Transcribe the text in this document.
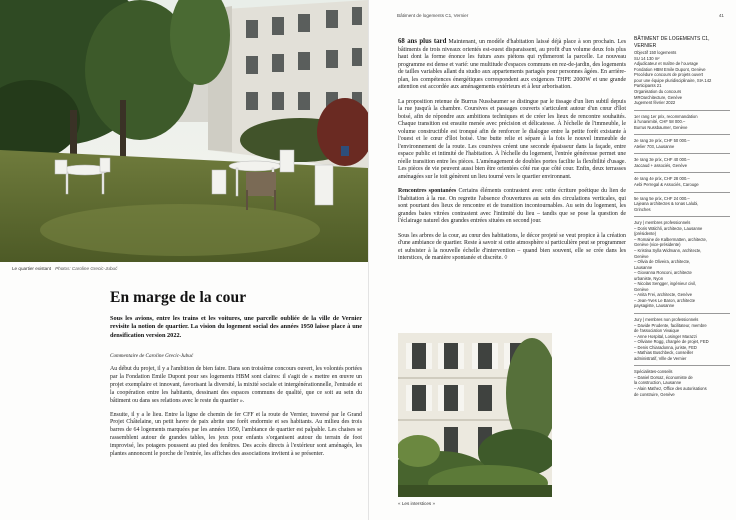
Le quartier existant Photos: Caroline Grecic-Jubuć
En marge de la cour

Sous les avions, entre les trains et les voitures, une parcelle oubliée de la ville de Vernier revisite la notion de quartier. La vision du logement social des années 1950 laisse place à une densification version 2022.

Commentaire de Caroline Grecic-Jubuć

Au début du projet, il y a l'ambition de bien faire. Dans son troisième concours ouvert, les volontés portées par la Fondation Emile Dupont pour ses logements HBM sont claires: il s'agit de « mettre en œuvre un projet exemplaire et innovant, favorisant la diversité, la mixité sociale et intergénérationnelle, l'entraide et la coopération entre les habitants, dessinant des espaces communs de qualité, que ce soit au sein du bâtiment ou dans ses relations avec le reste du quartier ».

Ensuite, il y a le lieu. Entre la ligne de chemin de fer CFF et la route de Vernier, traversé par le Grand Projet Châtelaine, un petit havre de paix abrite une forêt endormie et ses habitants. Au milieu des trois barres de 64 logements marquées par les années 1950, l'ambiance de quartier est palpable. Les chaises se rassemblent autour de grandes tables, les jeux pour enfants s'organisent autour du terrain de foot improvisé, les potagers poussent au pied des fenêtres. Des accès directs à l'extérieur sont aménagés, les plantes annoncent le porche de l'entrée, les affiches des associations invitent à se présenter.

Bâtiment de logements C1, Vernier	41

68 ans plus tard Maintenant, un modèle d'habitation laissé déjà place à son prochain. Les bâtiments de trois niveaux orientés est-ouest disparaissent, au profit d'un volume deux fois plus haut dont la forme énonce les futurs axes piétons qui rythmeront la parcelle. Le nouveau programme est dense et varié: une multitude d'espaces communs en rez-de-jardin, des logements de tailles variables allant du studio aux appartements partagés pour personnes âgées. En arrière-plan, les compétences énergétiques correspondent aux exigences THPE 2000W et une grande attention est accordée aux aménagements extérieurs et à leur arborisation.

La proposition retenue de Burrus Nussbaumer se distingue par le tissage d'un lien subtil depuis la rue jusqu'à la chambre. Coursives et passages couverts s'articulent autour d'un cœur d'îlot boisé, afin de répondre aux ambitions techniques et de créer les lieux de rencontre souhaités. Chaque transition est ensuite menée avec précision et délicatesse. À l'échelle de l'immeuble, le volume constructible est tronqué afin de renforcer le dialogue entre la petite forêt existante à l'ouest et le cœur d'îlot boisé. Une butte relie et sépare à la fois le nouvel immeuble de l'environnement de la route. Les coursives créent une seconde épaisseur dans la façade, entre espace public et intimité de l'habitation. À l'échelle du logement, l'entrée généreuse permet une réelle transition entre les pièces. L'aménagement de doubles portes facilite la flexibilité d'usage. Les pièces de vie peuvent aussi bien être orientées côté rue que côté cour. Enfin, deux terrasses aménagées sur le toit génèrent un lieu tourné vers le quartier environnant.

Rencontres spontanées Certains éléments contrastent avec cette écriture poétique du lien de l'habitation à la rue. On regrette l'absence d'ouvertures au sein des circulations verticales, qui sont pourtant des lieux de rencontre et de transition incontournables. Au sein du logement, les grandes baies vitrées contrastent avec l'intimité du lieu – tandis que se pose la question de l'éclairage naturel des grandes entrées situées en second jour.

Sous les arbres de la cour, au cœur des habitations, le décor projeté se veut propice à la création d'une ambiance de quartier. Reste à savoir si cette atmosphère si particulière peut se programmer et subsister à la nouvelle échelle d'intervention – quand bien souvent, elle se crée dans les interstices, de manière spontanée et discrète. ◊

« Les interstices »
BÂTIMENT DE LOGEMENTS C1,
VERNIER
Objectif 150 logements
SU 14 130 m²
Adjudicateur et maître de l'ouvrage
Fondation HBM Emile Dupont, Genève
Procédure concours de projets ouvert
pour une équipe pluridisciplinaire, SIA 142
Participants 21
Organisation du concours
MROarchitecture, Genève
Jugement février 2022
1er rang 1er prix, recommandation
à l'unanimité, CHF 58 000.–
Burrus Nussbaumer, Genève
2e rang 2e prix, CHF 50 000.–
Atelier 703, Lausanne
3e rang 3e prix, CHF 40 000.–
Jaccaud + associés, Genève
4e rang 4e prix, CHF 28 000.–
Aebi Perregal & Associés, Carouge
5e rang 5e prix, CHF 24 000.–
Lajeana architectes & Ionas Lalubi,
Grinches
Jury | membres professionnels
– Doris Wälchli, architecte, Lausanne
(présidente)
– Romaine de Kalbermatten, architecte,
Genève (vice-présidente)
– Kristina Sylla Widmann, architecte,
Genève
– Olivia de Oliveira, architecte,
Lausanne
– Giovanna Ronconi, architecte
urbaniste, Nyon
– Nicolas Sengger, ingénieur civil,
Genève
– Anita Frei, architecte, Genève
– Jean-Yves Le Baron, architecte
paysagiste, Lausanne
Jury | membres non professionnels
– Davide Prudente, facilitateur, membre
de l'association Vivaique
– Anne Hospital, Losinger Marazzi
– Oliviane Rogg, chargée de projet, FED
– Denis Chiaradonna, juriste, FED
– Mathias Buschbeck, conseiller
administratif, Ville de Vernier
Spécialistes-conseils
– Daniel Dorsaz, économiste de
la construction, Lausanne
– Alain Mathez, Office des autorisations
de construire, Genève
